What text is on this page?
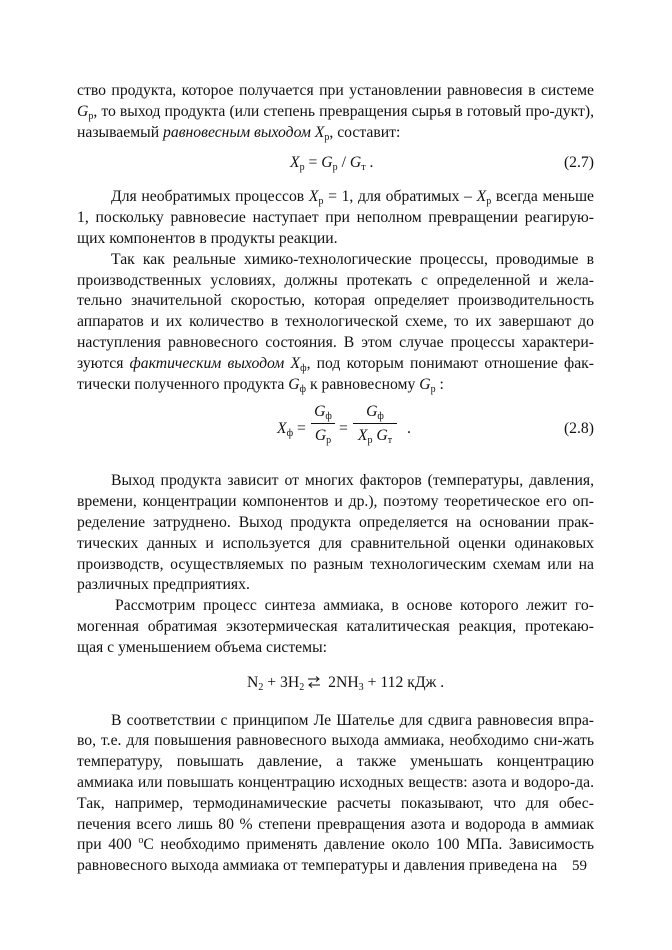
ство продукта, которое получается при установлении равновесия в системе $G_р$, то выход продукта (или степень превращения сырья в готовый про-дукт), называемый равновесным выходом $X_р$, составит:

$X_р = G_р / G_т$ .	(2.7)

Для необратимых процессов $X_р = 1$, для обратимых – $X_р$ всегда меньше 1, поскольку равновесие наступает при неполном превращении реагирую-щих компонентов в продукты реакции.

Так как реальные химико-технологические процессы, проводимые в производственных условиях, должны протекать с определенной и жела-тельно значительной скоростью, которая определяет производительность аппаратов и их количество в технологической схеме, то их завершают до наступления равновесного состояния. В этом случае процессы характери-зуются фактическим выходом $X_ф$, под которым понимают отношение фак-тически полученного продукта $G_ф$ к равновесному $G_р$ :

$X_ф$ =
$G_ф$
$G_р$
=
$G_ф$
$X_р$ $G_т$
.	(2.8)

Выход продукта зависит от многих факторов (температуры, давления, времени, концентрации компонентов и др.), поэтому теоретическое его оп-ределение затруднено. Выход продукта определяется на основании прак-тических данных и используется для сравнительной оценки одинаковых производств, осуществляемых по разным технологическим схемам или на различных предприятиях.

Рассмотрим процесс синтеза аммиака, в основе которого лежит го-могенная обратимая экзотермическая каталитическая реакция, протекаю-щая с уменьшением объема системы:

$N_2 + 3H_2$ ⇌ $2NH_3 + 112$ кДж .

В соответствии с принципом Ле Шателье для сдвига равновесия впра-во, т.е. для повышения равновесного выхода аммиака, необходимо сни-жать температуру, повышать давление, а также уменьшать концентрацию аммиака или повышать концентрацию исходных веществ: азота и водоро-да. Так, например, термодинамические расчеты показывают, что для обес-печения всего лишь 80 % степени превращения азота и водорода в аммиак при 400 $^о$С необходимо применять давление около 100 МПа. Зависимость равновесного выхода аммиака от температуры и давления приведена на 59
